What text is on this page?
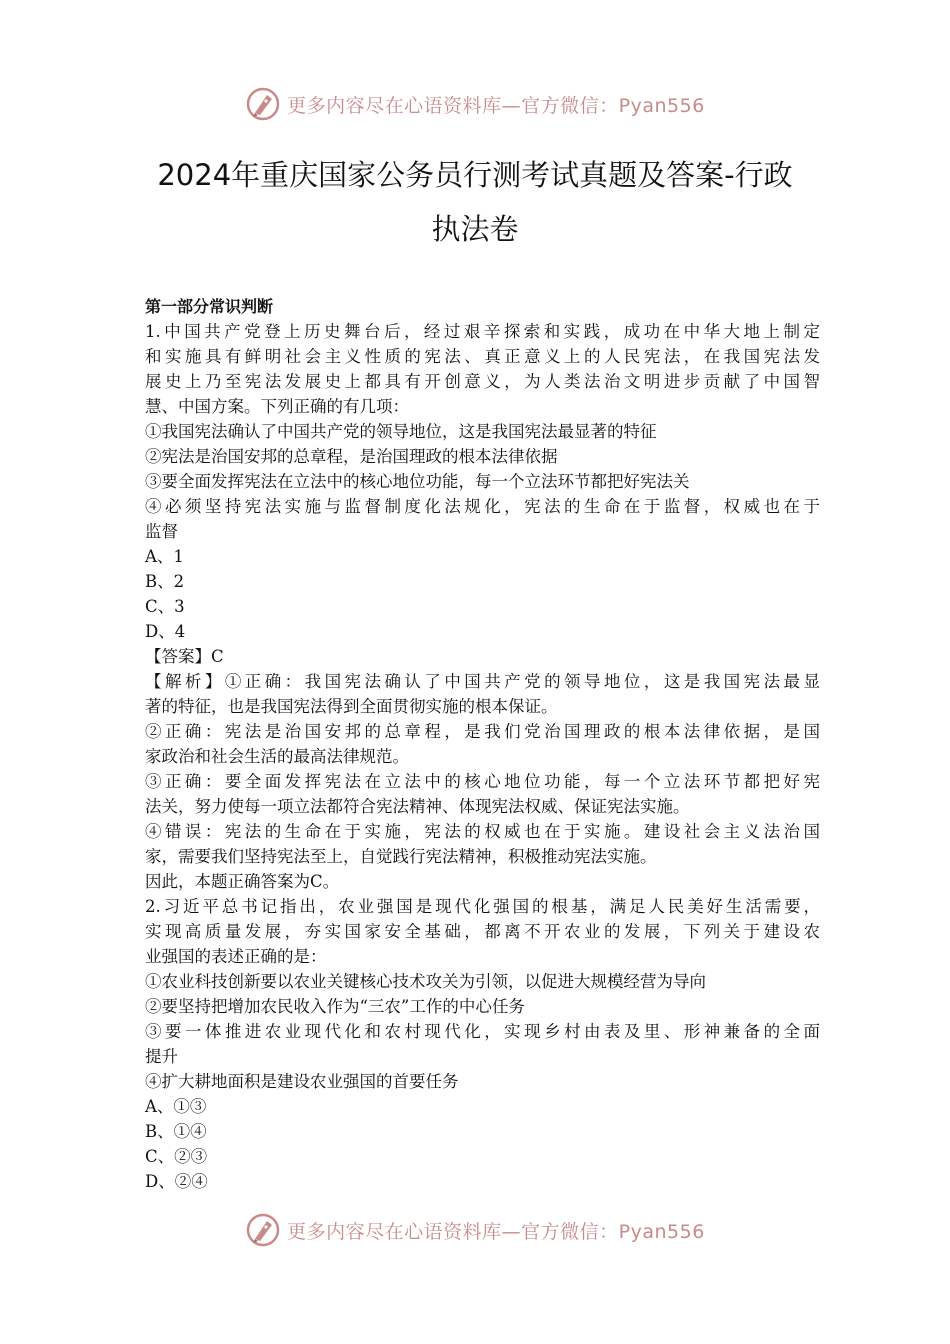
更多内容尽在心语资料库—官方微信：Pyan556
2024年重庆国家公务员行测考试真题及答案-行政
执法卷
第一部分常识判断
1.中国共产党登上历史舞台后，经过艰辛探索和实践，成功在中华大地上制定
和实施具有鲜明社会主义性质的宪法、真正意义上的人民宪法，在我国宪法发
展史上乃至宪法发展史上都具有开创意义，为人类法治文明进步贡献了中国智
慧、中国方案。下列正确的有几项：
①我国宪法确认了中国共产党的领导地位，这是我国宪法最显著的特征
②宪法是治国安邦的总章程，是治国理政的根本法律依据
③要全面发挥宪法在立法中的核心地位功能，每一个立法环节都把好宪法关
④必须坚持宪法实施与监督制度化法规化，宪法的生命在于监督，权威也在于
监督
A、1
B、2
C、3
D、4
【答案】C
【解析】①正确：我国宪法确认了中国共产党的领导地位，这是我国宪法最显
著的特征，也是我国宪法得到全面贯彻实施的根本保证。
②正确：宪法是治国安邦的总章程，是我们党治国理政的根本法律依据，是国
家政治和社会生活的最高法律规范。
③正确：要全面发挥宪法在立法中的核心地位功能，每一个立法环节都把好宪
法关，努力使每一项立法都符合宪法精神、体现宪法权威、保证宪法实施。
④错误：宪法的生命在于实施，宪法的权威也在于实施。建设社会主义法治国
家，需要我们坚持宪法至上，自觉践行宪法精神，积极推动宪法实施。
因此，本题正确答案为C。
2.习近平总书记指出，农业强国是现代化强国的根基，满足人民美好生活需要，
实现高质量发展，夯实国家安全基础，都离不开农业的发展，下列关于建设农
业强国的表述正确的是：
①农业科技创新要以农业关键核心技术攻关为引领，以促进大规模经营为导向
②要坚持把增加农民收入作为“三农”工作的中心任务
③要一体推进农业现代化和农村现代化，实现乡村由表及里、形神兼备的全面
提升
④扩大耕地面积是建设农业强国的首要任务
A、①③
B、①④
C、②③
D、②④
更多内容尽在心语资料库—官方微信：Pyan556
